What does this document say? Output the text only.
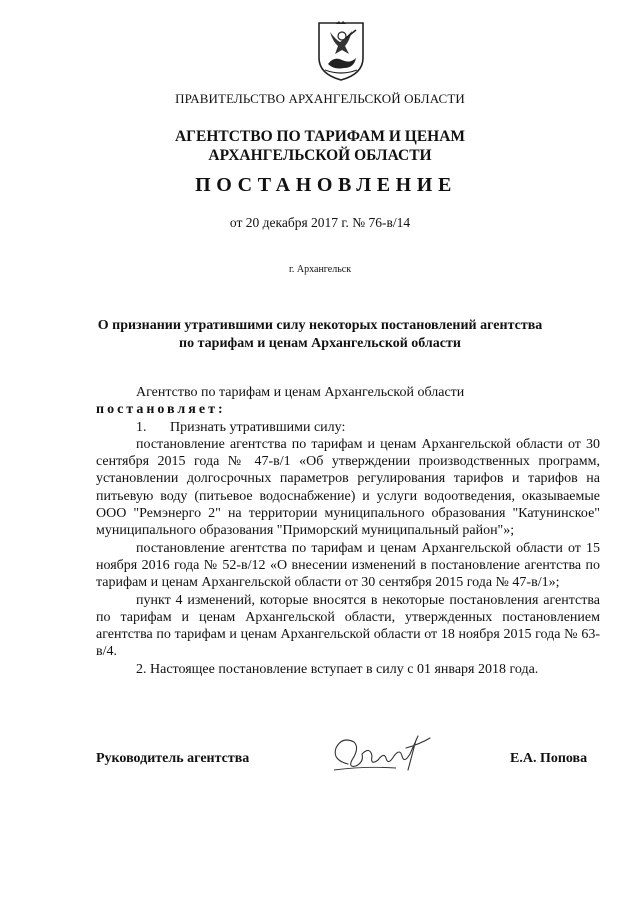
ПРАВИТЕЛЬСТВО АРХАНГЕЛЬСКОЙ ОБЛАСТИ
АГЕНТСТВО ПО ТАРИФАМ И ЦЕНАМ
АРХАНГЕЛЬСКОЙ ОБЛАСТИ
ПОСТАНОВЛЕНИЕ
от 20 декабря 2017 г. № 76-в/14
г. Архангельск
О признании утратившими силу некоторых постановлений агентства
по тарифам и ценам Архангельской области

Агентство по тарифам и ценам Архангельской области

постановляет:

1. Признать утратившими силу:

постановление агентства по тарифам и ценам Архангельской области от 30 сентября 2015 года № 47-в/1 «Об утверждении производственных программ, установлении долгосрочных параметров регулирования тарифов и тарифов на питьевую воду (питьевое водоснабжение) и услуги водоотведения, оказываемые ООО "Ремэнерго 2" на территории муниципального образования "Катунинское" муниципального образования "Приморский муниципальный район"»;

постановление агентства по тарифам и ценам Архангельской области от 15 ноября 2016 года № 52-в/12 «О внесении изменений в постановление агентства по тарифам и ценам Архангельской области от 30 сентября 2015 года № 47-в/1»;

пункт 4 изменений, которые вносятся в некоторые постановления агентства по тарифам и ценам Архангельской области, утвержденных постановлением агентства по тарифам и ценам Архангельской области от 18 ноября 2015 года № 63-в/4.

2. Настоящее постановление вступает в силу с 01 января 2018 года.

Руководитель агентства	Е.А. Попова
